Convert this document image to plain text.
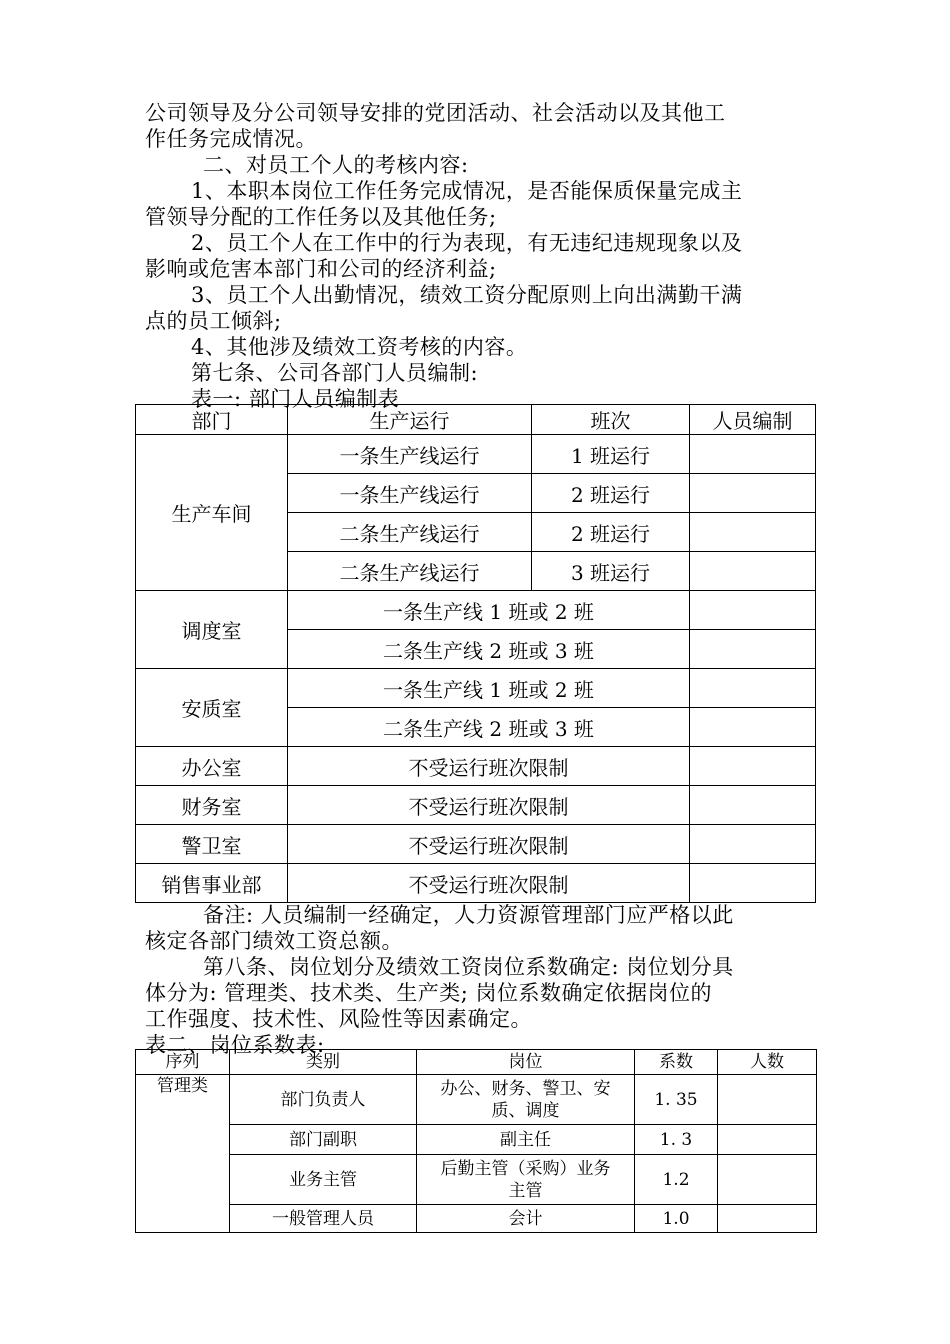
公司领导及分公司领导安排的党团活动、社会活动以及其他工

作任务完成情况。

二、对员工个人的考核内容:

1、本职本岗位工作任务完成情况，是否能保质保量完成主

管领导分配的工作任务以及其他任务;

2、员工个人在工作中的行为表现，有无违纪违规现象以及

影响或危害本部门和公司的经济利益;

3、员工个人出勤情况，绩效工资分配原则上向出满勤干满

点的员工倾斜;

4、其他涉及绩效工资考核的内容。

第七条、公司各部门人员编制:

表一: 部门人员编制表

部门	生产运行	班次	人员编制
生产车间	一条生产线运行	1 班运行	
	一条生产线运行	2 班运行	
	二条生产线运行	2 班运行	
	二条生产线运行	3 班运行	
调度室	一条生产线 1 班或 2 班		
	二条生产线 2 班或 3 班		
安质室	一条生产线 1 班或 2 班		
	二条生产线 2 班或 3 班		
办公室	不受运行班次限制		
财务室	不受运行班次限制		
警卫室	不受运行班次限制		
销售事业部	不受运行班次限制		

备注: 人员编制一经确定，人力资源管理部门应严格以此

核定各部门绩效工资总额。

第八条、岗位划分及绩效工资岗位系数确定: 岗位划分具

体分为: 管理类、技术类、生产类; 岗位系数确定依据岗位的

工作强度、技术性、风险性等因素确定。

表二、岗位系数表:

序列	类别	岗位	系数	人数
管理类	部门负责人	办公、财务、警卫、安
质、调度	1. 35	
	部门副职	副主任	1. 3	
	业务主管	后勤主管（采购）业务
主管	1.2	
	一般管理人员	会计	1.0	
